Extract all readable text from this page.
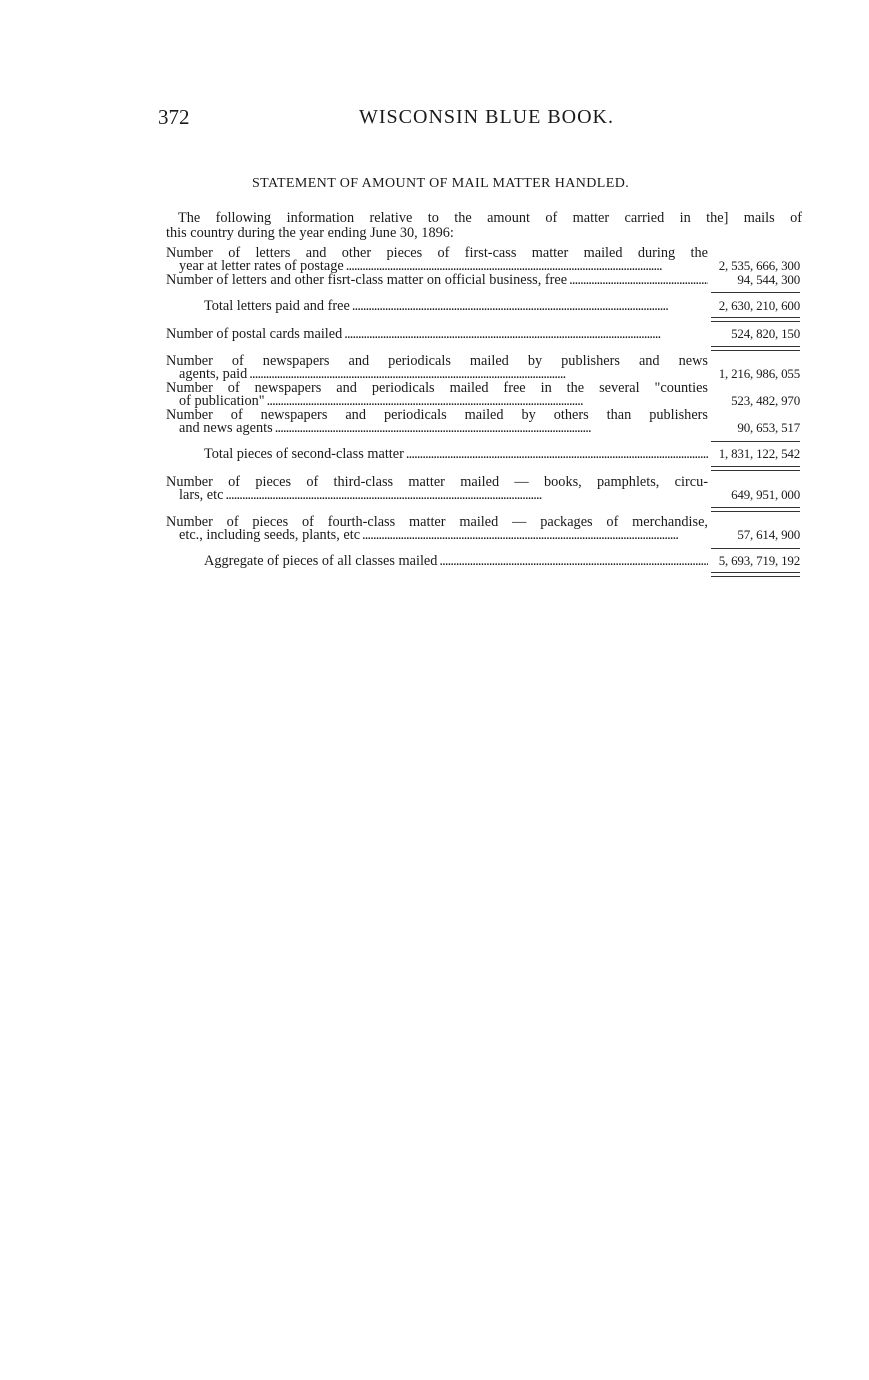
372	WISCONSIN BLUE BOOK.
STATEMENT OF AMOUNT OF MAIL MATTER HANDLED.
The following information relative to the amount of matter carried in the] mails of
this country during the year ending June 30, 1896:
Number of letters and other pieces of first-cass matter mailed during the
year at letter rates of postage . . .	2, 535, 666, 300
Number of letters and other fisrt-class matter on official business, free . . .	94, 544, 300
Total letters paid and free . . .	2, 630, 210, 600
Number of postal cards mailed . . .	524, 820, 150
Number of newspapers and periodicals mailed by publishers and news
agents, paid . . .	1, 216, 986, 055
Number of newspapers and periodicals mailed free in the several "counties
of publication" . . .	523, 482, 970
Number of newspapers and periodicals mailed by others than publishers
and news agents . . .	90, 653, 517
Total pieces of second-class matter . . .	1, 831, 122, 542
Number of pieces of third-class matter mailed — books, pamphlets, circu-
lars, etc . . .	649, 951, 000
Number of pieces of fourth-class matter mailed — packages of merchandise,
etc., including seeds, plants, etc . . .	57, 614, 900
Aggregate of pieces of all classes mailed . . .	5, 693, 719, 192
